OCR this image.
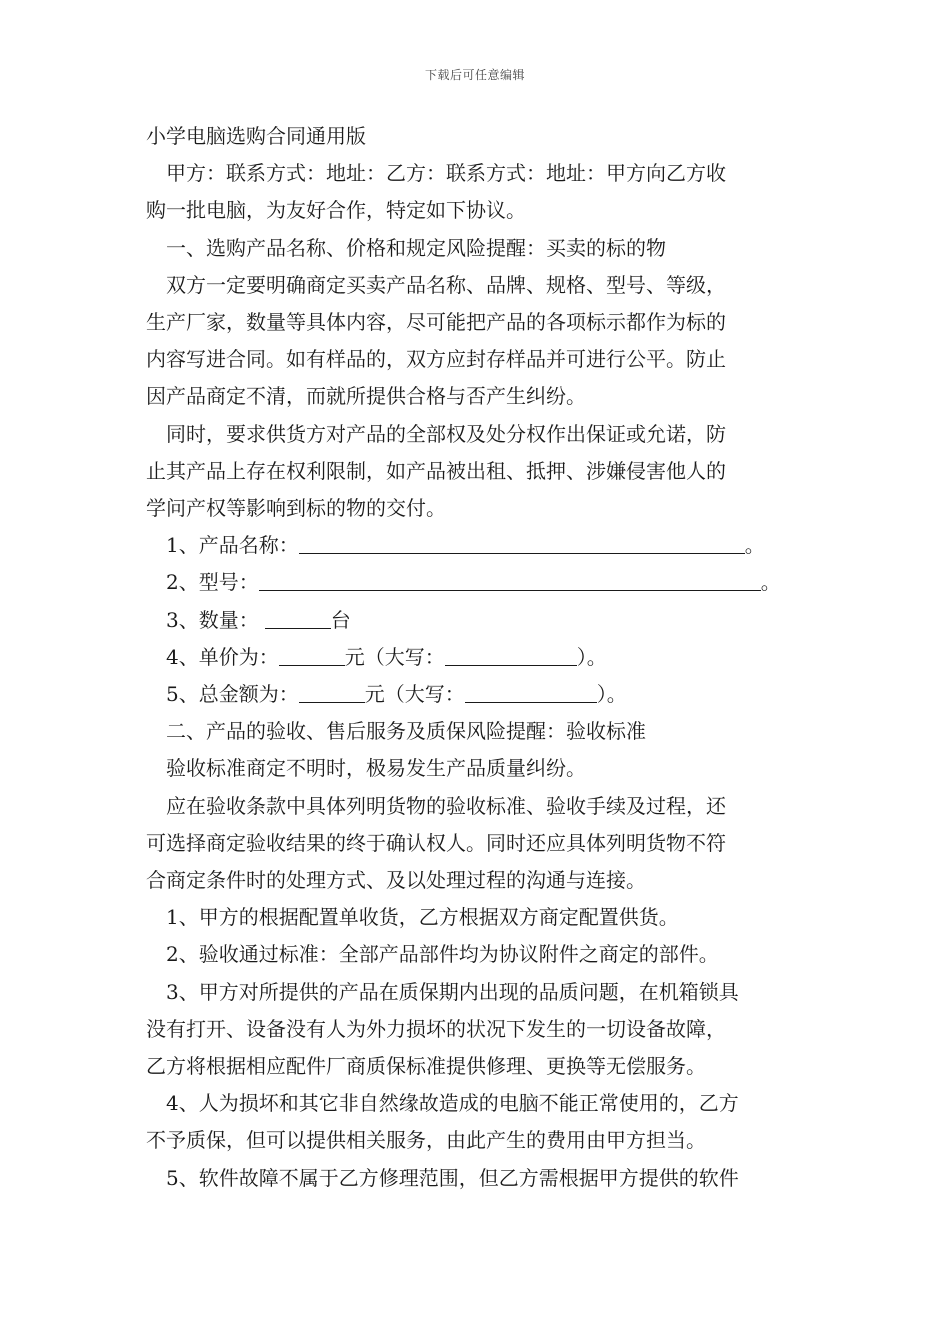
下载后可任意编辑

小学电脑选购合同通用版

甲方：联系方式：地址：乙方：联系方式：地址：甲方向乙方收

购一批电脑，为友好合作，特定如下协议。

一、选购产品名称、价格和规定风险提醒：买卖的标的物

双方一定要明确商定买卖产品名称、品牌、规格、型号、等级，

生产厂家，数量等具体内容，尽可能把产品的各项标示都作为标的

内容写进合同。如有样品的，双方应封存样品并可进行公平。防止

因产品商定不清，而就所提供合格与否产生纠纷。

同时，要求供货方对产品的全部权及处分权作出保证或允诺，防

止其产品上存在权利限制，如产品被出租、抵押、涉嫌侵害他人的

学问产权等影响到标的物的交付。

1、产品名称：	。

2、型号：	。

3、数量：	台

4、单价为：	元（大写：	）。

5、总金额为：	元（大写：	）。

二、产品的验收、售后服务及质保风险提醒：验收标准

验收标准商定不明时，极易发生产品质量纠纷。

应在验收条款中具体列明货物的验收标准、验收手续及过程，还

可选择商定验收结果的终于确认权人。同时还应具体列明货物不符

合商定条件时的处理方式、及以处理过程的沟通与连接。

1、甲方的根据配置单收货，乙方根据双方商定配置供货。

2、验收通过标准：全部产品部件均为协议附件之商定的部件。

3、甲方对所提供的产品在质保期内出现的品质问题，在机箱锁具

没有打开、设备没有人为外力损坏的状况下发生的一切设备故障，

乙方将根据相应配件厂商质保标准提供修理、更换等无偿服务。

4、人为损坏和其它非自然缘故造成的电脑不能正常使用的，乙方

不予质保，但可以提供相关服务，由此产生的费用由甲方担当。

5、软件故障不属于乙方修理范围，但乙方需根据甲方提供的软件
